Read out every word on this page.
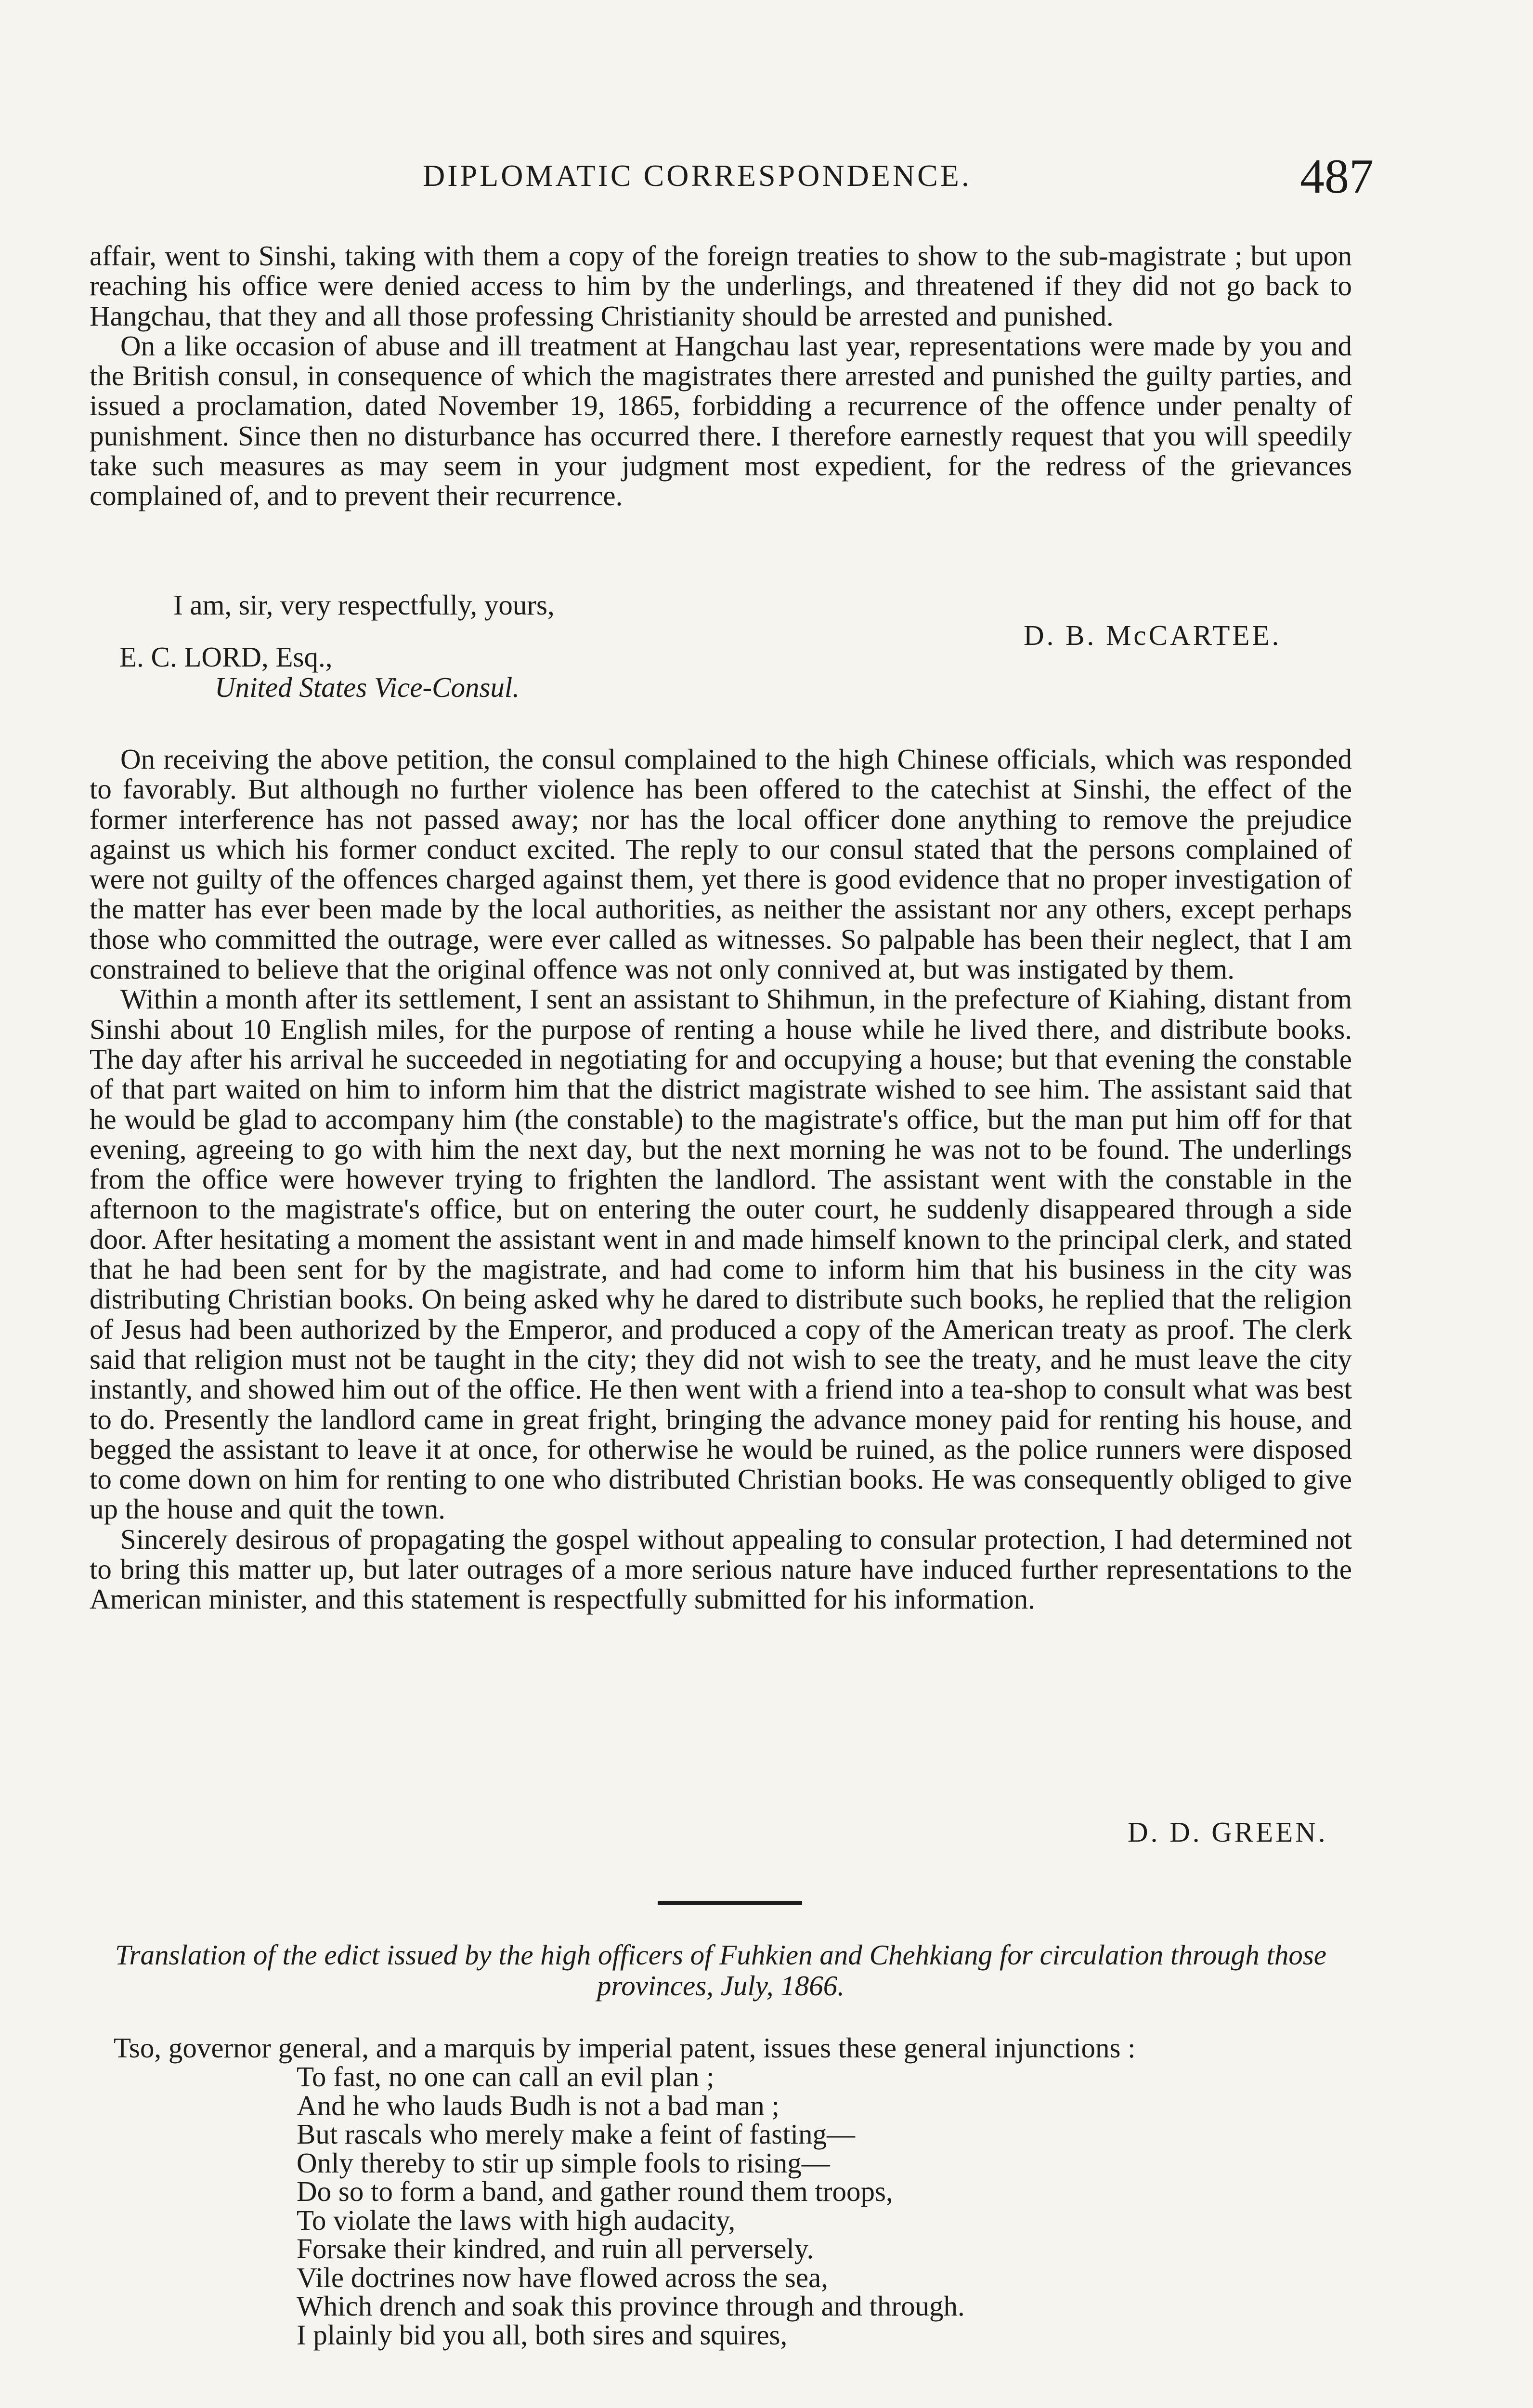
DIPLOMATIC CORRESPONDENCE.	487

affair, went to Sinshi, taking with them a copy of the foreign treaties to show to the sub-magistrate ; but upon reaching his office were denied access to him by the underlings, and threatened if they did not go back to Hangchau, that they and all those professing Christianity should be arrested and punished.

On a like occasion of abuse and ill treatment at Hangchau last year, representations were made by you and the British consul, in consequence of which the magistrates there arrested and punished the guilty parties, and issued a proclamation, dated November 19, 1865, forbidding a recurrence of the offence under penalty of punishment. Since then no disturbance has occurred there. I therefore earnestly request that you will speedily take such measures as may seem in your judgment most expedient, for the redress of the grievances complained of, and to prevent their recurrence.

I am, sir, very respectfully, yours,
D. B. McCARTEE.
E. C. LORD, Esq.,
United States Vice-Consul.

On receiving the above petition, the consul complained to the high Chinese officials, which was responded to favorably. But although no further violence has been offered to the catechist at Sinshi, the effect of the former interference has not passed away; nor has the local officer done anything to remove the prejudice against us which his former conduct excited. The reply to our consul stated that the persons complained of were not guilty of the offences charged against them, yet there is good evidence that no proper investigation of the matter has ever been made by the local authorities, as neither the assistant nor any others, except perhaps those who committed the outrage, were ever called as witnesses. So palpable has been their neglect, that I am constrained to believe that the original offence was not only connived at, but was instigated by them.

Within a month after its settlement, I sent an assistant to Shihmun, in the prefecture of Kiahing, distant from Sinshi about 10 English miles, for the purpose of renting a house while he lived there, and distribute books. The day after his arrival he succeeded in negotiating for and occupying a house; but that evening the constable of that part waited on him to inform him that the district magistrate wished to see him. The assistant said that he would be glad to accompany him (the constable) to the magistrate's office, but the man put him off for that evening, agreeing to go with him the next day, but the next morning he was not to be found. The underlings from the office were however trying to frighten the landlord. The assistant went with the constable in the afternoon to the magistrate's office, but on entering the outer court, he suddenly disappeared through a side door. After hesitating a moment the assistant went in and made himself known to the principal clerk, and stated that he had been sent for by the magistrate, and had come to inform him that his business in the city was distributing Christian books. On being asked why he dared to distribute such books, he replied that the religion of Jesus had been authorized by the Emperor, and produced a copy of the American treaty as proof. The clerk said that religion must not be taught in the city; they did not wish to see the treaty, and he must leave the city instantly, and showed him out of the office. He then went with a friend into a tea-shop to consult what was best to do. Presently the landlord came in great fright, bringing the advance money paid for renting his house, and begged the assistant to leave it at once, for otherwise he would be ruined, as the police runners were disposed to come down on him for renting to one who distributed Christian books. He was consequently obliged to give up the house and quit the town.

Sincerely desirous of propagating the gospel without appealing to consular protection, I had determined not to bring this matter up, but later outrages of a more serious nature have induced further representations to the American minister, and this statement is respectfully submitted for his information.

D. D. GREEN.
Translation of the edict issued by the high officers of Fuhkien and Chehkiang for circulation through those provinces, July, 1866.
Tso, governor general, and a marquis by imperial patent, issues these general injunctions :
To fast, no one can call an evil plan ;
And he who lauds Budh is not a bad man ;
But rascals who merely make a feint of fasting—
Only thereby to stir up simple fools to rising—
Do so to form a band, and gather round them troops,
To violate the laws with high audacity,
Forsake their kindred, and ruin all perversely.
Vile doctrines now have flowed across the sea,
Which drench and soak this province through and through.
I plainly bid you all, both sires and squires,
